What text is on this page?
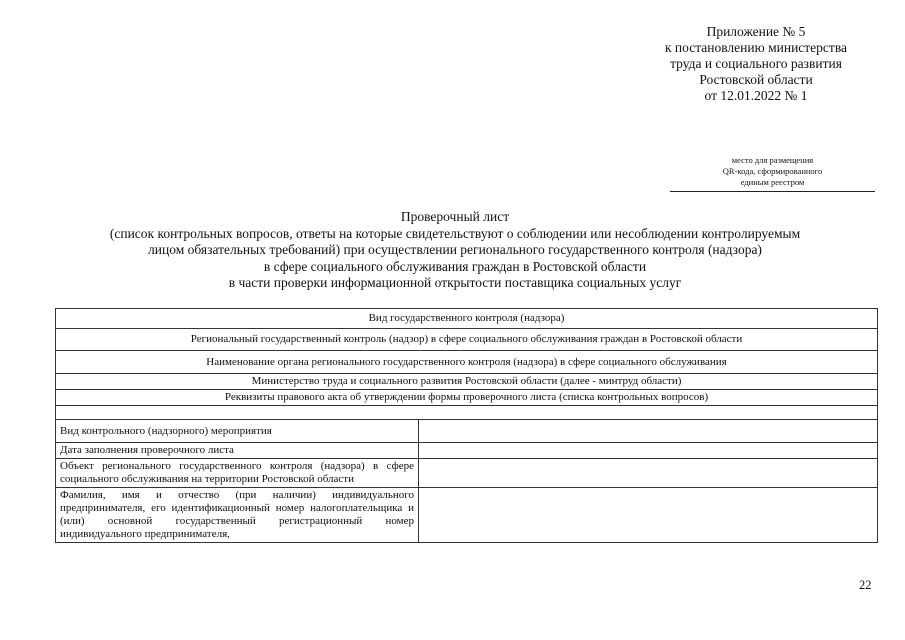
Приложение № 5
к постановлению министерства
труда и социального развития
Ростовской области
от 12.01.2022 № 1
место для размещения
QR-кода, сформированного
единым реестром
Проверочный лист
(список контрольных вопросов, ответы на которые свидетельствуют о соблюдении или несоблюдении контролируемым
лицом обязательных требований) при осуществлении регионального государственного контроля (надзора)
в сфере социального обслуживания граждан в Ростовской области
в части проверки информационной открытости поставщика социальных услуг
Вид государственного контроля (надзора)	
Региональный государственный контроль (надзор) в сфере социального обслуживания граждан в Ростовской области	
Наименование органа регионального государственного контроля (надзора) в сфере социального обслуживания	
Министерство труда и социального развития Ростовской области (далее - минтруд области)	
Реквизиты правового акта об утверждении формы проверочного листа (списка контрольных вопросов)	

Вид контрольного (надзорного) мероприятия	
Дата заполнения проверочного листа	
Объект регионального государственного контроля (надзора) в сфере социального обслуживания на территории Ростовской области	
Фамилия, имя и отчество (при наличии) индивидуального предпринимателя, его идентификационный номер налогоплательщика и (или) основной государственный регистрационный номер индивидуального предпринимателя,	
22
